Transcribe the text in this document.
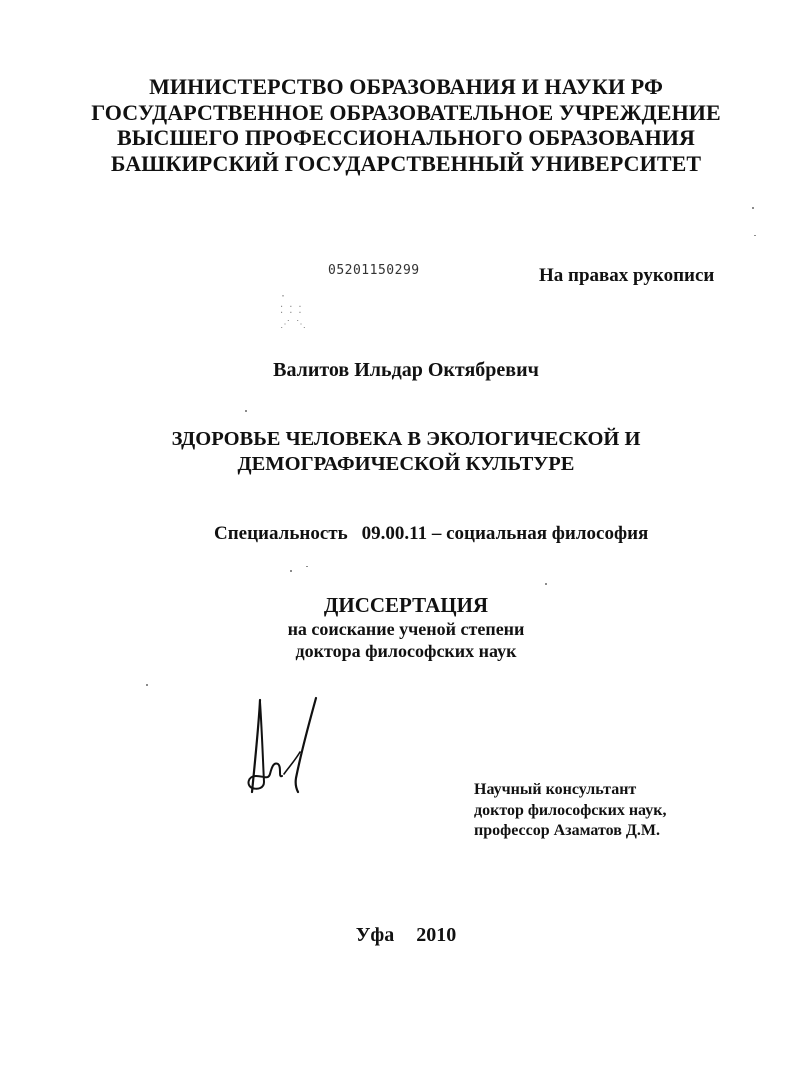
МИНИСТЕРСТВО ОБРАЗОВАНИЯ И НАУКИ РФ
ГОСУДАРСТВЕННОЕ ОБРАЗОВАТЕЛЬНОЕ УЧРЕЖДЕНИЕ
ВЫСШЕГО ПРОФЕССИОНАЛЬНОГО ОБРАЗОВАНИЯ
БАШКИРСКИЙ ГОСУДАРСТВЕННЫЙ УНИВЕРСИТЕТ
05201150299	На правах рукописи
·
⁚ ⁚ ⁚
⋰ ⋱
Валитов Ильдар Октябревич
ЗДОРОВЬЕ ЧЕЛОВЕКА В ЭКОЛОГИЧЕСКОЙ И
ДЕМОГРАФИЧЕСКОЙ КУЛЬТУРЕ
Специальность 09.00.11 – социальная философия
ДИССЕРТАЦИЯ
на соискание ученой степени
доктора философских наук
Научный консультант
доктор философских наук,
профессор Азаматов Д.М.
Уфа 2010
